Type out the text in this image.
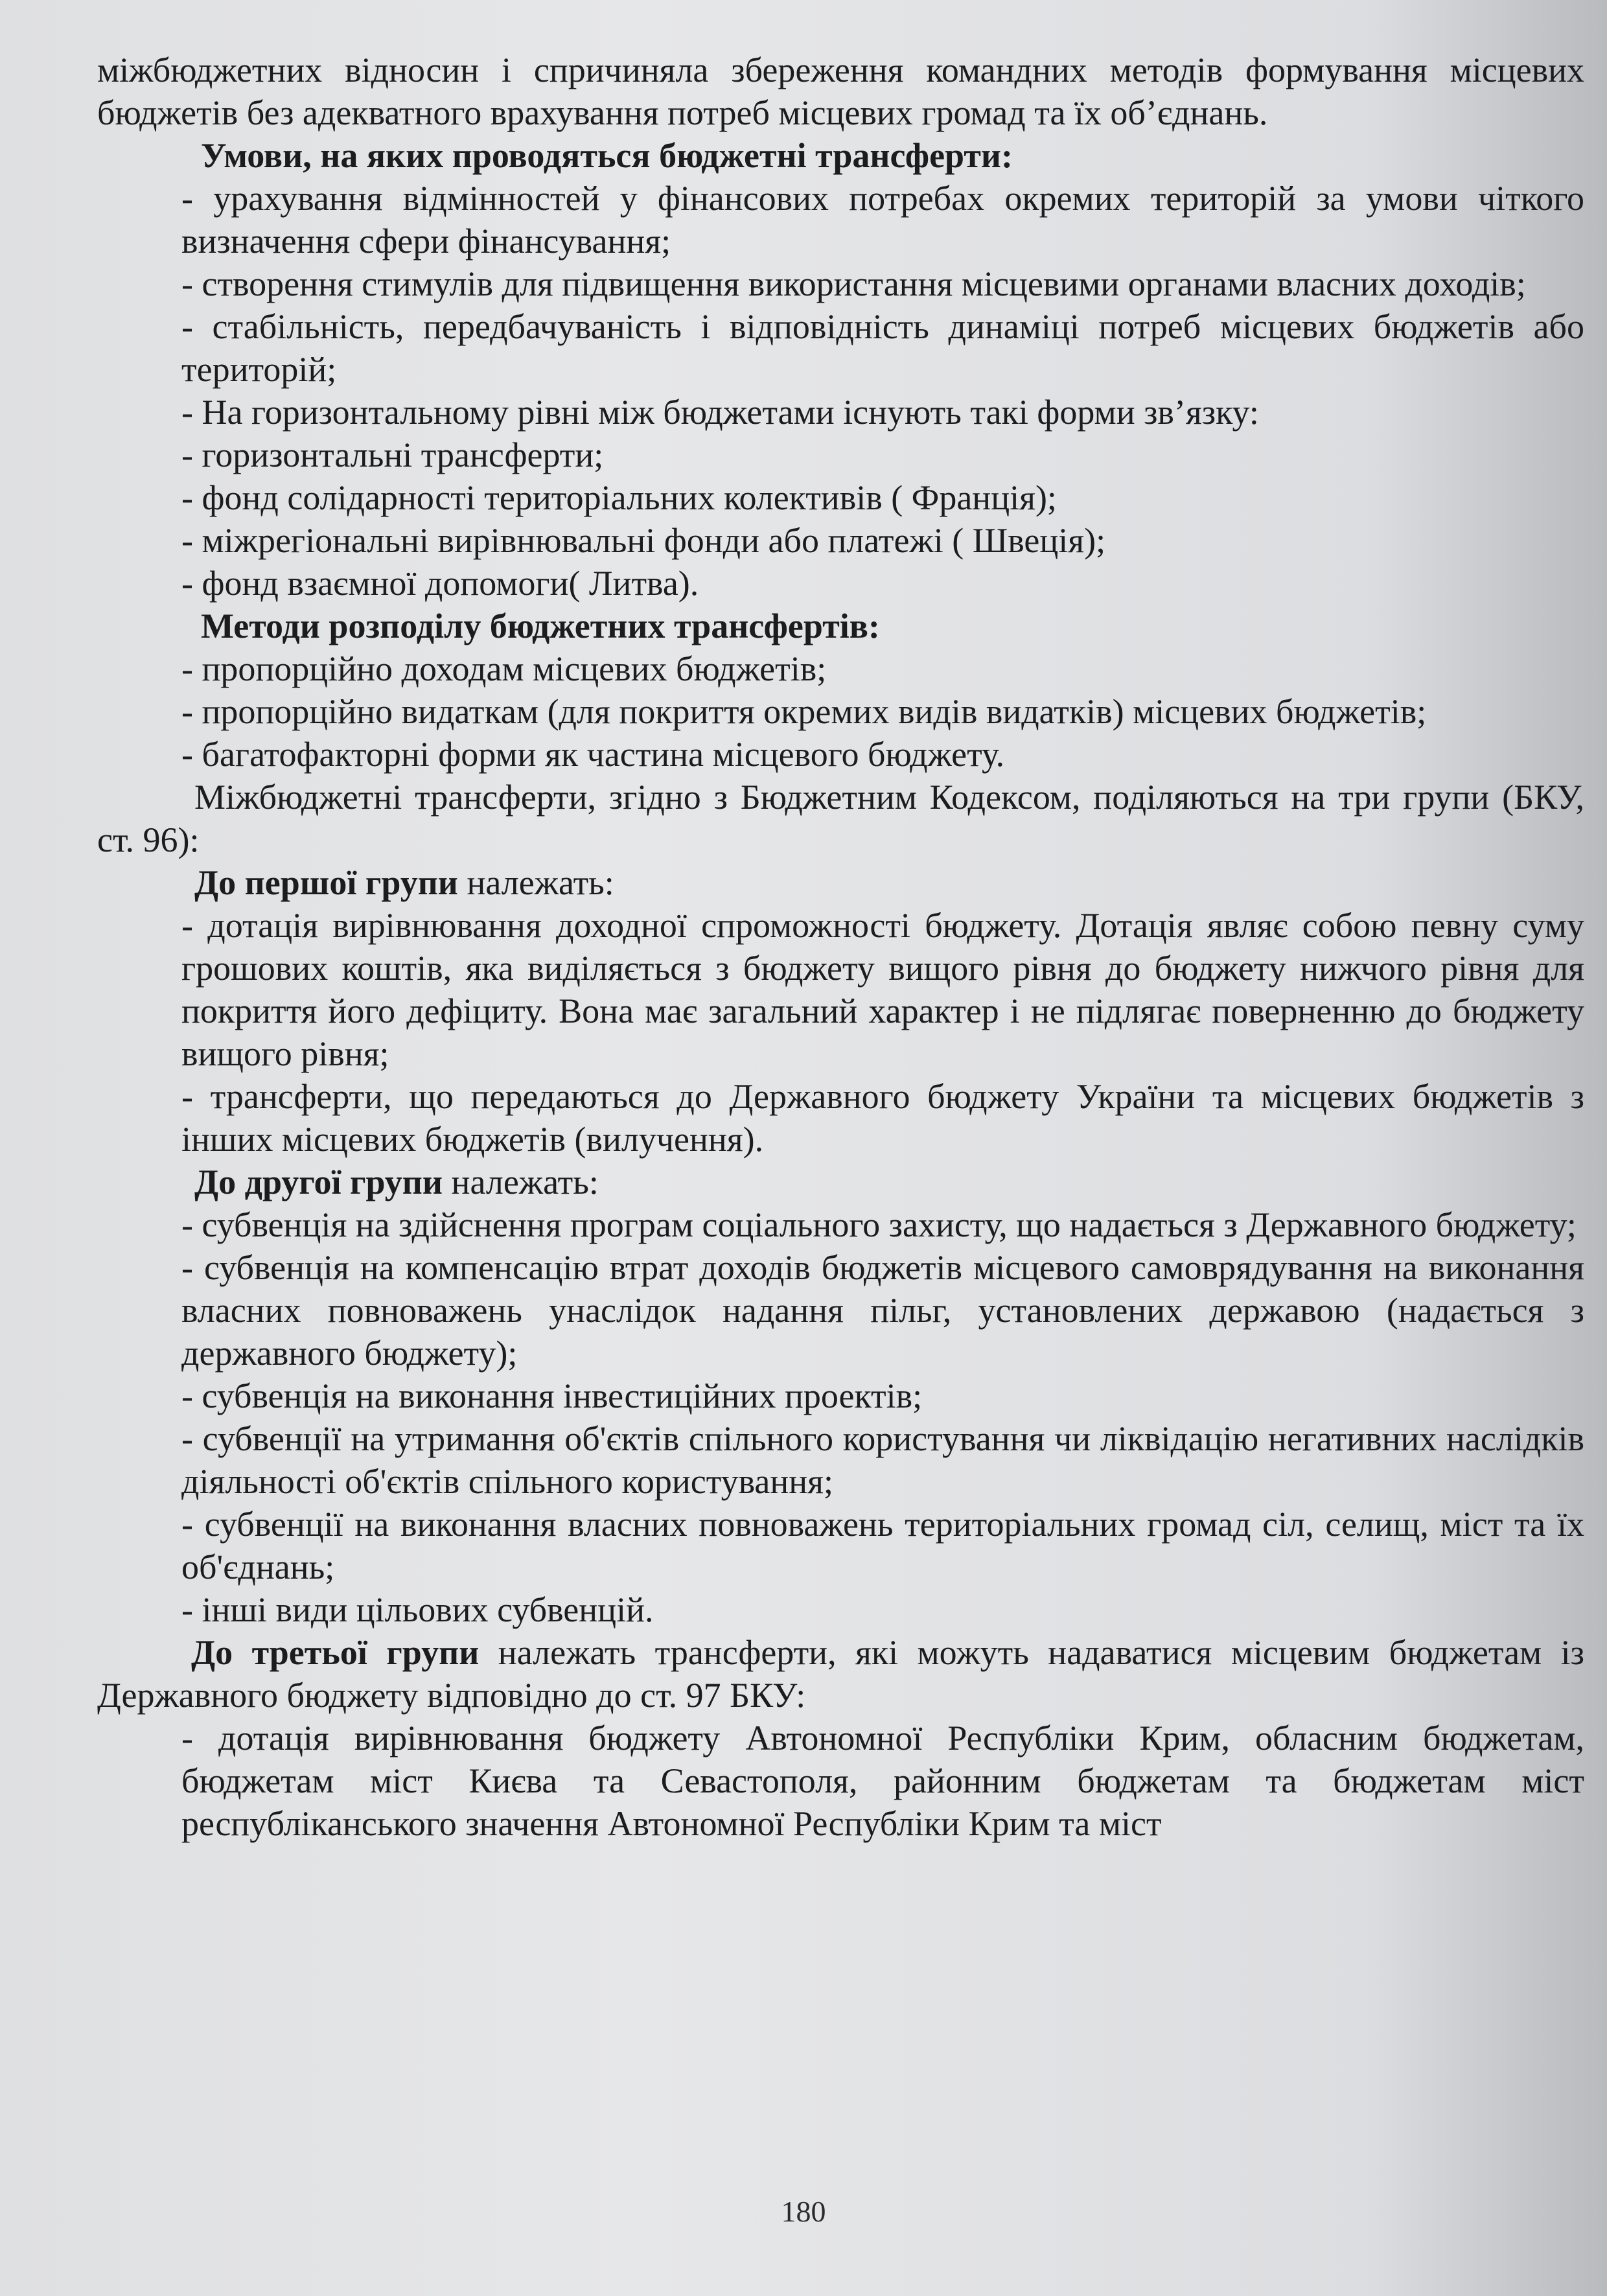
міжбюджетних відносин і спричиняла збереження командних методів формування місцевих бюджетів без адекватного врахування потреб місцевих громад та їх об’єднань.

Умови, на яких проводяться бюджетні трансферти:

- урахування відмінностей у фінансових потребах окремих територій за умови чіткого визначення сфери фінансування;

- створення стимулів для підвищення використання місцевими органами власних доходів;

- стабільність, передбачуваність і відповідність динаміці потреб місцевих бюджетів або територій;

- На горизонтальному рівні між бюджетами існують такі форми зв’язку:

- горизонтальні трансферти;

- фонд солідарності територіальних колективів ( Франція);

- міжрегіональні вирівнювальні фонди або платежі ( Швеція);

- фонд взаємної допомоги( Литва).

Методи розподілу бюджетних трансфертів:

- пропорційно доходам місцевих бюджетів;

- пропорційно видаткам (для покриття окремих видів видатків) місцевих бюджетів;

- багатофакторні форми як частина місцевого бюджету.

Міжбюджетні трансферти, згідно з Бюджетним Кодексом, поділяються на три групи (БКУ, ст. 96):

До першої групи належать:

- дотація вирівнювання доходної спроможності бюджету. Дотація являє собою певну суму грошових коштів, яка виділяється з бюджету вищого рівня до бюджету нижчого рівня для покриття його дефіциту. Вона має загальний характер і не підлягає поверненню до бюджету вищого рівня;

- трансферти, що передаються до Державного бюджету України та місцевих бюджетів з інших місцевих бюджетів (вилучення).

До другої групи належать:

- субвенція на здійснення програм соціального захисту, що надається з Державного бюджету;

- субвенція на компенсацію втрат доходів бюджетів місцевого самоврядування на виконання власних повноважень унаслідок надання пільг, установлених державою (надається з державного бюджету);

- субвенція на виконання інвестиційних проектів;

- субвенції на утримання об'єктів спільного користування чи ліквідацію негативних наслідків діяльності об'єктів спільного користування;

- субвенції на виконання власних повноважень територіальних громад сіл, селищ, міст та їх об'єднань;

- інші види цільових субвенцій.

До третьої групи належать трансферти, які можуть надаватися місцевим бюджетам із Державного бюджету відповідно до ст. 97 БКУ:

- дотація вирівнювання бюджету Автономної Республіки Крим, обласним бюджетам, бюджетам міст Києва та Севастополя, районним бюджетам та бюджетам міст республіканського значення Автономної Республіки Крим та міст

180
